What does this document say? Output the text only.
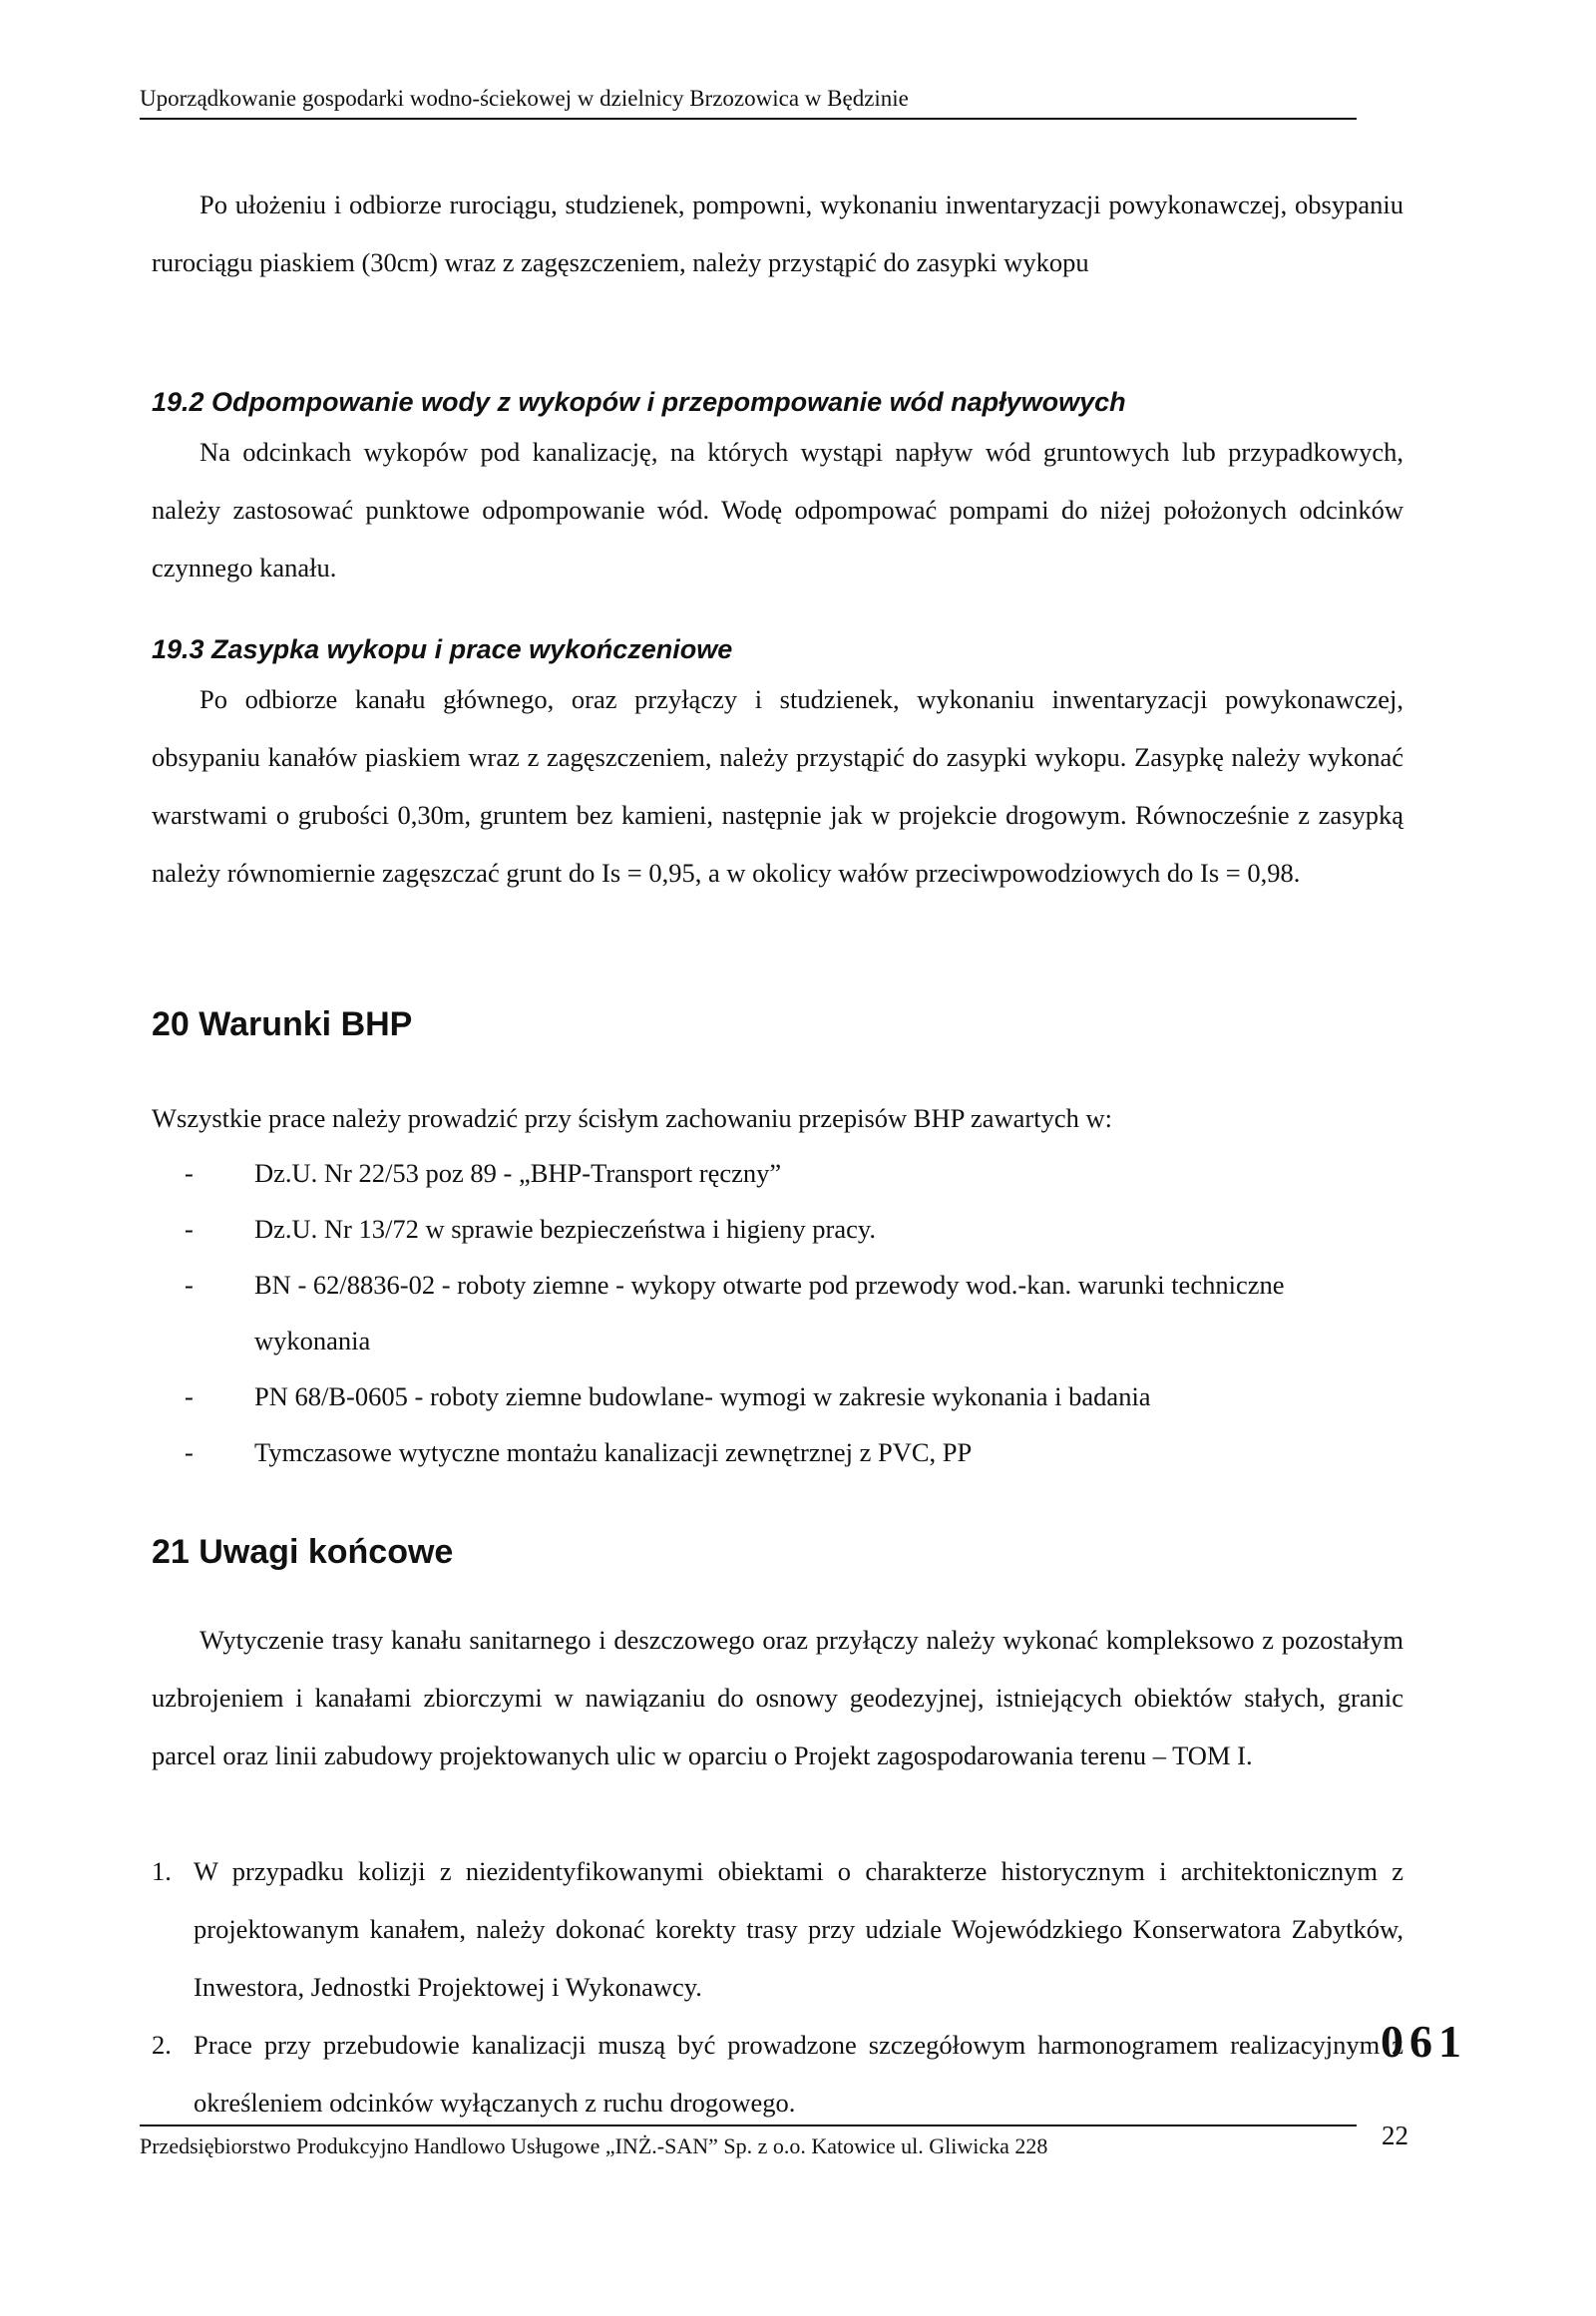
Uporządkowanie gospodarki wodno-ściekowej w dzielnicy Brzozowica w Będzinie
Po ułożeniu i odbiorze rurociągu, studzienek, pompowni, wykonaniu inwentaryzacji powykonawczej, obsypaniu rurociągu piaskiem (30cm) wraz z zagęszczeniem, należy przystąpić do zasypki wykopu
19.2 Odpompowanie wody z wykopów i przepompowanie wód napływowych
Na odcinkach wykopów pod kanalizację, na których wystąpi napływ wód gruntowych lub przypadkowych, należy zastosować punktowe odpompowanie wód. Wodę odpompować pompami do niżej położonych odcinków czynnego kanału.
19.3 Zasypka wykopu i prace wykończeniowe
Po odbiorze kanału głównego, oraz przyłączy i studzienek, wykonaniu inwentaryzacji powykonawczej, obsypaniu kanałów piaskiem wraz z zagęszczeniem, należy przystąpić do zasypki wykopu. Zasypkę należy wykonać warstwami o grubości 0,30m, gruntem bez kamieni, następnie jak w projekcie drogowym. Równocześnie z zasypką należy równomiernie zagęszczać grunt do Is = 0,95, a w okolicy wałów przeciwpowodziowych do Is = 0,98.
20 Warunki BHP
Wszystkie prace należy prowadzić przy ścisłym zachowaniu przepisów BHP zawartych w:
- Dz.U. Nr 22/53 poz 89 - „BHP-Transport ręczny”
- Dz.U. Nr 13/72 w sprawie bezpieczeństwa i higieny pracy.
- BN - 62/8836-02 - roboty ziemne - wykopy otwarte pod przewody wod.-kan. warunki techniczne wykonania
- PN 68/B-0605 - roboty ziemne budowlane- wymogi w zakresie wykonania i badania
- Tymczasowe wytyczne montażu kanalizacji zewnętrznej z PVC, PP
21 Uwagi końcowe
Wytyczenie trasy kanału sanitarnego i deszczowego oraz przyłączy należy wykonać kompleksowo z pozostałym uzbrojeniem i kanałami zbiorczymi w nawiązaniu do osnowy geodezyjnej, istniejących obiektów stałych, granic parcel oraz linii zabudowy projektowanych ulic w oparciu o Projekt zagospodarowania terenu – TOM I.
1. W przypadku kolizji z niezidentyfikowanymi obiektami o charakterze historycznym i architektonicznym z projektowanym kanałem, należy dokonać korekty trasy przy udziale Wojewódzkiego Konserwatora Zabytków, Inwestora, Jednostki Projektowej i Wykonawcy.
2. Prace przy przebudowie kanalizacji muszą być prowadzone szczegółowym harmonogramem realizacyjnym z określeniem odcinków wyłączanych z ruchu drogowego.
061
Przedsiębiorstwo Produkcyjno Handlowo Usługowe „INŻ.-SAN” Sp. z o.o. Katowice ul. Gliwicka 228	22
